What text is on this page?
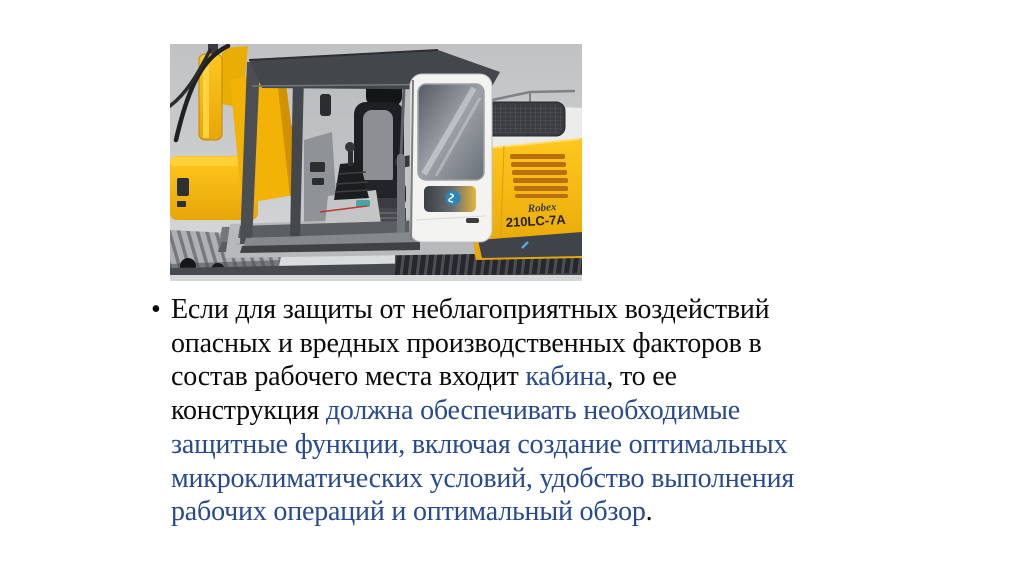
Robex
210LC-7A
• Если для защиты от неблагоприятных воздействий
опасных и вредных производственных факторов в
состав рабочего места входит кабина, то ее
конструкция должна обеспечивать необходимые
защитные функции, включая создание оптимальных
микроклиматических условий, удобство выполнения
рабочих операций и оптимальный обзор.
